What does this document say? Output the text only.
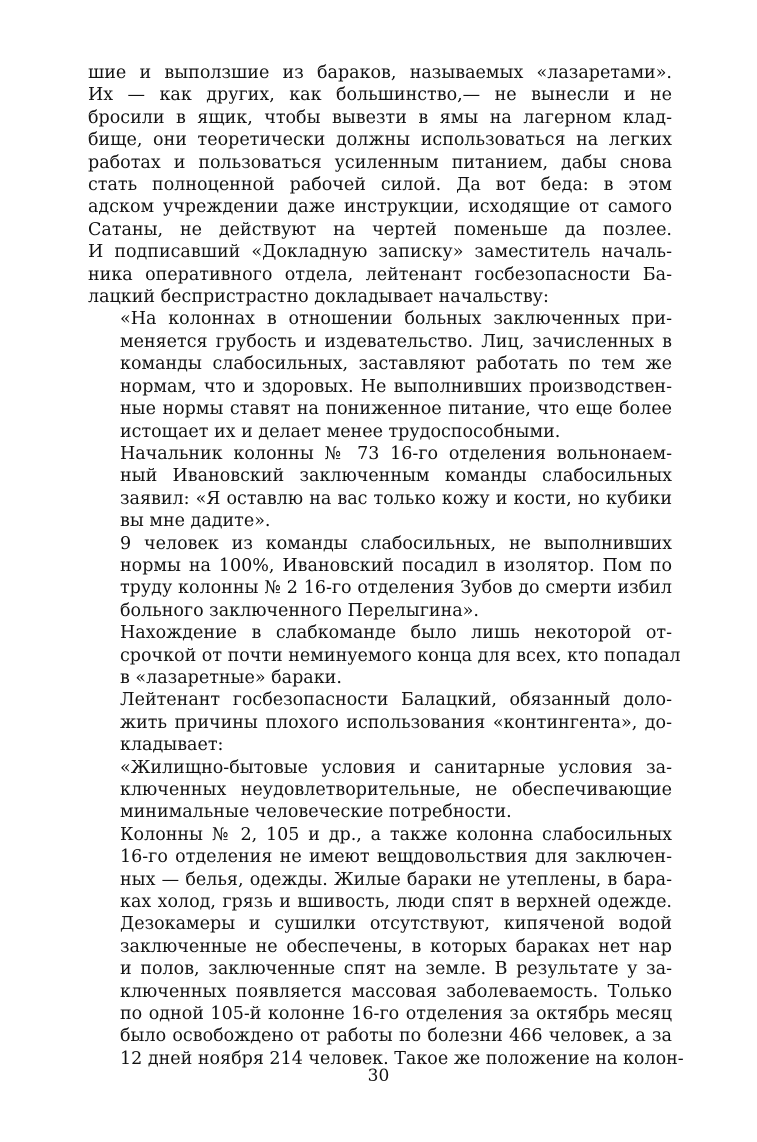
шие и выползшие из бараков, называемых «лазаретами».
Их — как других, как большинство,— не вынесли и не
бросили в ящик, чтобы вывезти в ямы на лагерном клад-
бище, они теоретически должны использоваться на легких
работах и пользоваться усиленным питанием, дабы снова
стать полноценной рабочей силой. Да вот беда: в этом
адском учреждении даже инструкции, исходящие от самого
Сатаны, не действуют на чертей поменьше да позлее.
И подписавший «Докладную записку» заместитель началь-
ника оперативного отдела, лейтенант госбезопасности Ба-
лацкий беспристрастно докладывает начальству:
«На колоннах в отношении больных заключенных при-
меняется грубость и издевательство. Лиц, зачисленных в
команды слабосильных, заставляют работать по тем же
нормам, что и здоровых. Не выполнивших производствен-
ные нормы ставят на пониженное питание, что еще более
истощает их и делает менее трудоспособными.
Начальник колонны № 73 16-го отделения вольнонаем-
ный Ивановский заключенным команды слабосильных
заявил: «Я оставлю на вас только кожу и кости, но кубики
вы мне дадите».
9 человек из команды слабосильных, не выполнивших
нормы на 100%, Ивановский посадил в изолятор. Пом по
труду колонны № 2 16-го отделения Зубов до смерти избил
больного заключенного Перелыгина».
Нахождение в слабкоманде было лишь некоторой от-
срочкой от почти неминуемого конца для всех, кто попадал
в «лазаретные» бараки.
Лейтенант госбезопасности Балацкий, обязанный доло-
жить причины плохого использования «контингента», до-
кладывает:
«Жилищно-бытовые условия и санитарные условия за-
ключенных неудовлетворительные, не обеспечивающие
минимальные человеческие потребности.
Колонны № 2, 105 и др., а также колонна слабосильных
16-го отделения не имеют вещдовольствия для заключен-
ных — белья, одежды. Жилые бараки не утеплены, в бара-
ках холод, грязь и вшивость, люди спят в верхней одежде.
Дезокамеры и сушилки отсутствуют, кипяченой водой
заключенные не обеспечены, в которых бараках нет нар
и полов, заключенные спят на земле. В результате у за-
ключенных появляется массовая заболеваемость. Только
по одной 105-й колонне 16-го отделения за октябрь месяц
было освобождено от работы по болезни 466 человек, а за
12 дней ноября 214 человек. Такое же положение на колон-
30
